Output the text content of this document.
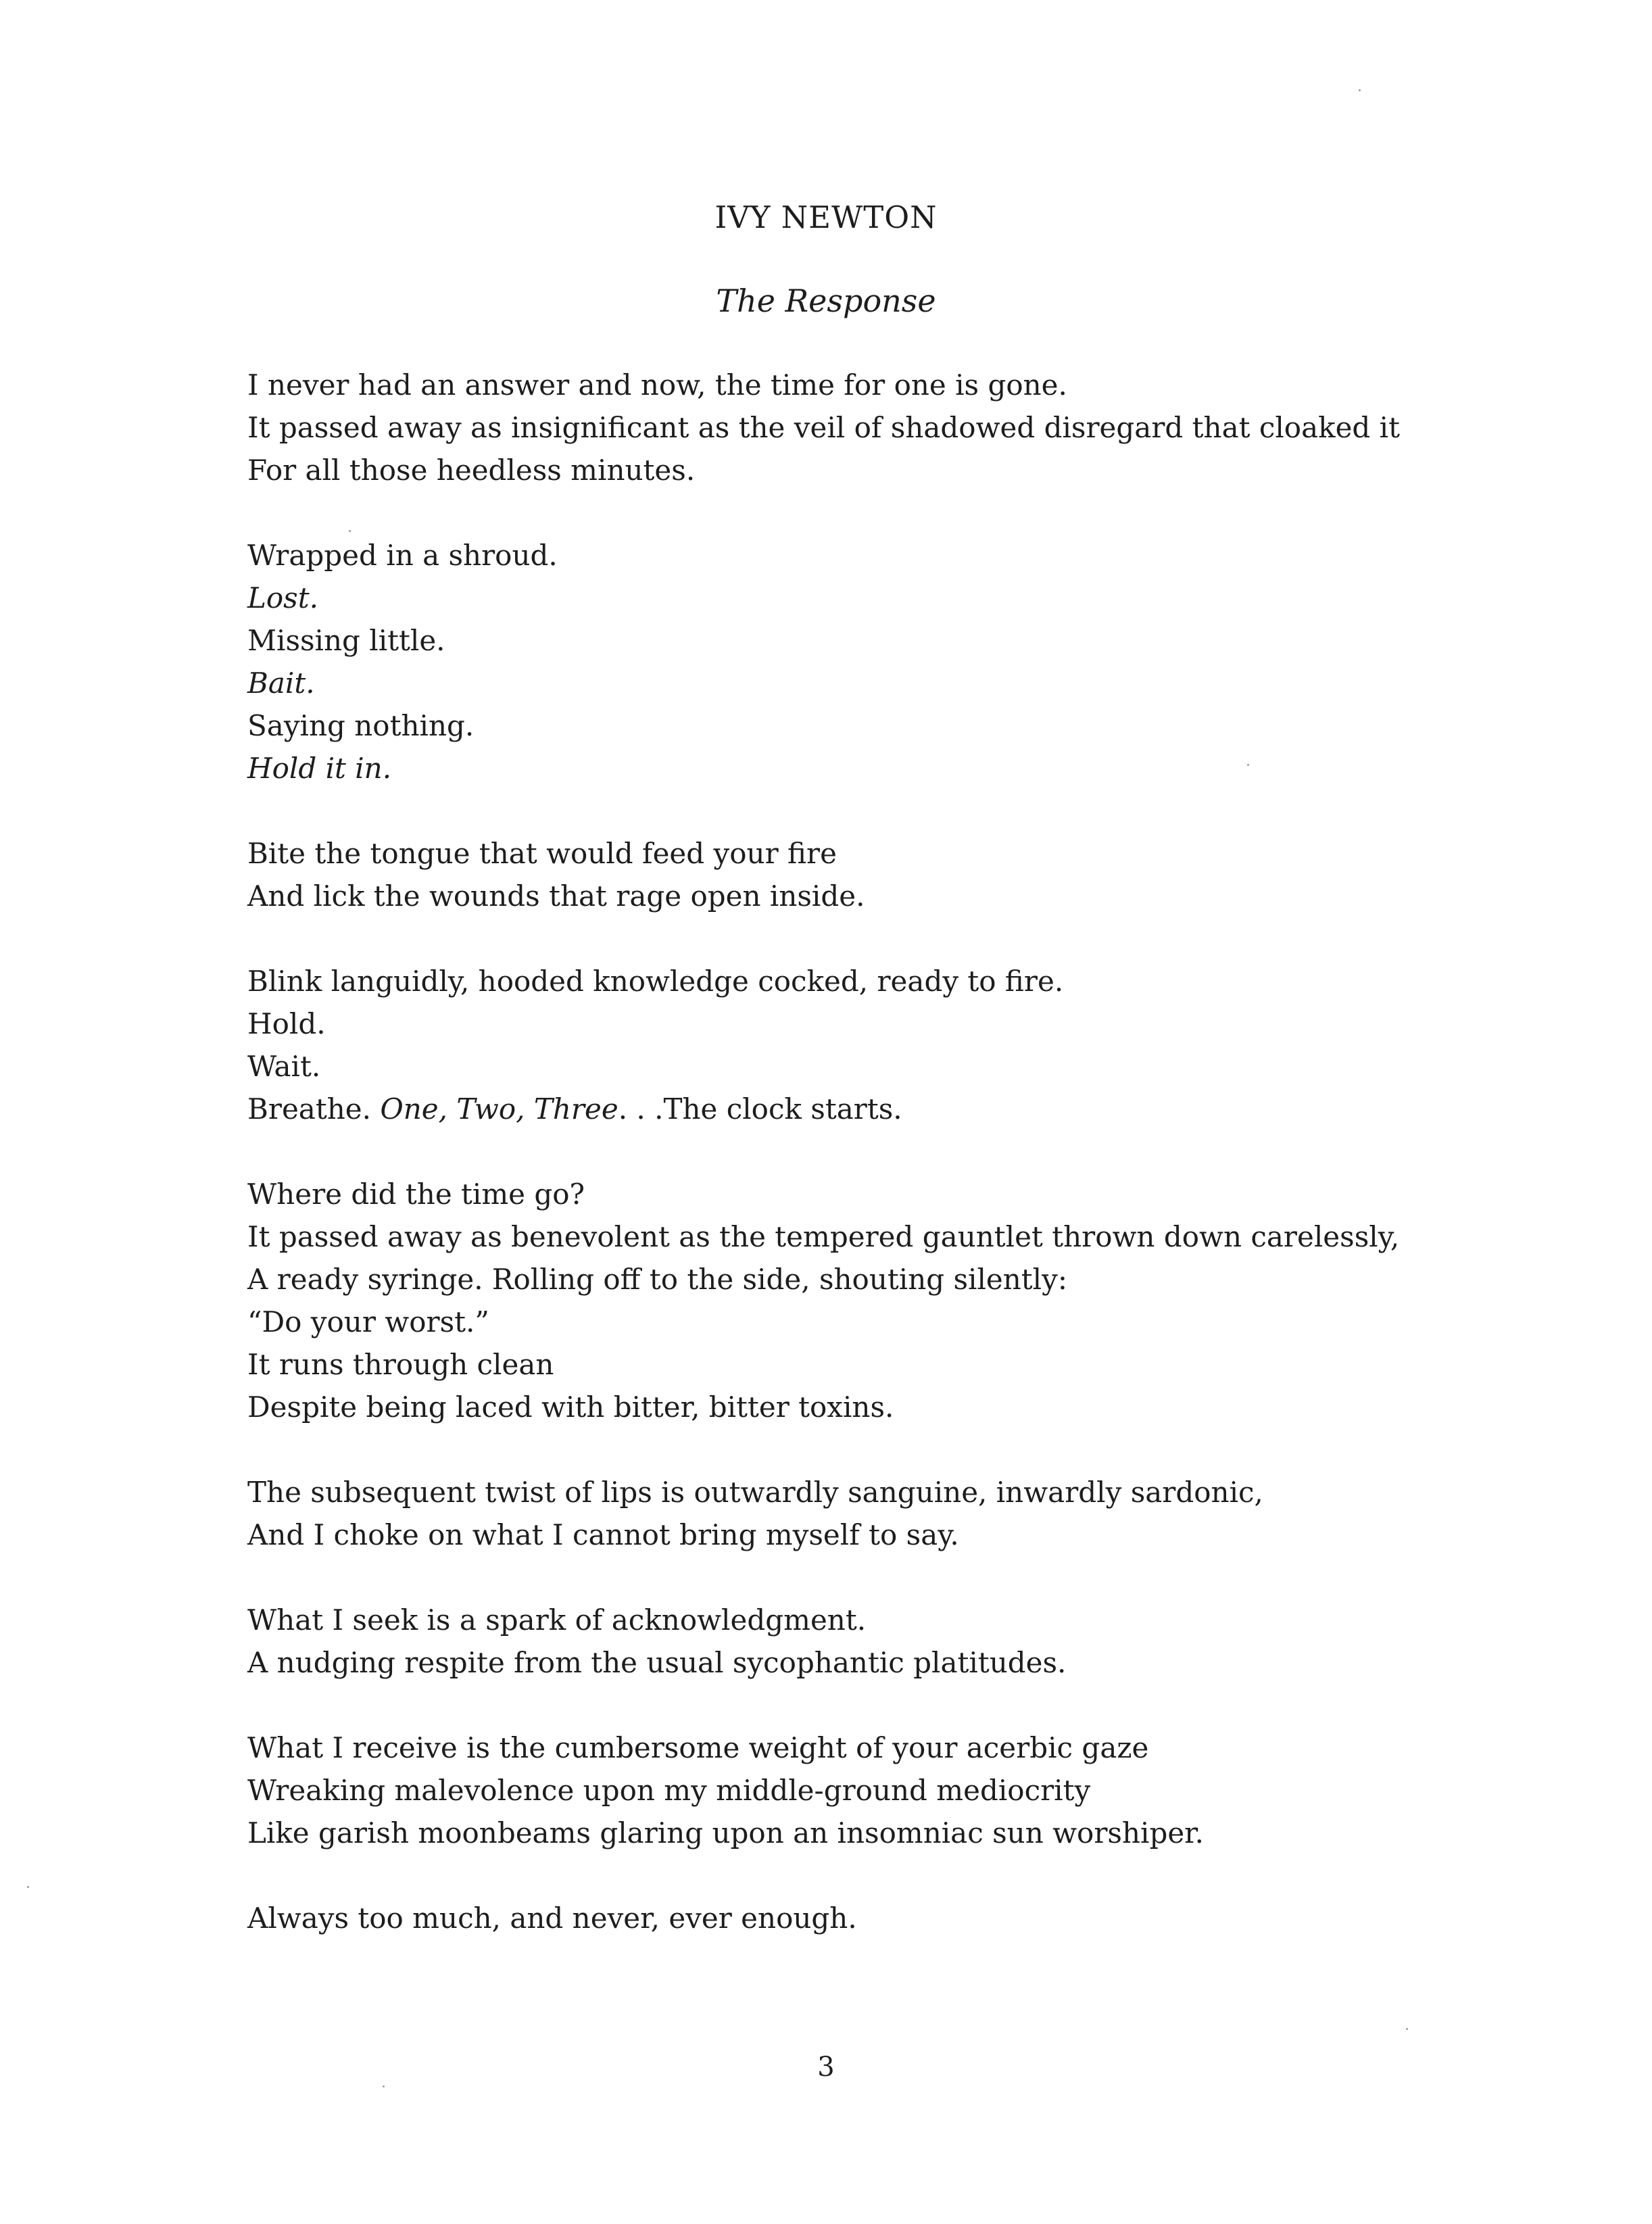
IVY NEWTON
The Response
I never had an answer and now, the time for one is gone.
It passed away as insignificant as the veil of shadowed disregard that cloaked it
For all those heedless minutes.
Wrapped in a shroud.
Lost.
Missing little.
Bait.
Saying nothing.
Hold it in.
Bite the tongue that would feed your fire
And lick the wounds that rage open inside.
Blink languidly, hooded knowledge cocked, ready to fire.
Hold.
Wait.
Breathe. One, Two, Three. . .The clock starts.
Where did the time go?
It passed away as benevolent as the tempered gauntlet thrown down carelessly,
A ready syringe. Rolling off to the side, shouting silently:
“Do your worst.”
It runs through clean
Despite being laced with bitter, bitter toxins.
The subsequent twist of lips is outwardly sanguine, inwardly sardonic,
And I choke on what I cannot bring myself to say.
What I seek is a spark of acknowledgment.
A nudging respite from the usual sycophantic platitudes.
What I receive is the cumbersome weight of your acerbic gaze
Wreaking malevolence upon my middle-ground mediocrity
Like garish moonbeams glaring upon an insomniac sun worshiper.
Always too much, and never, ever enough.
3
